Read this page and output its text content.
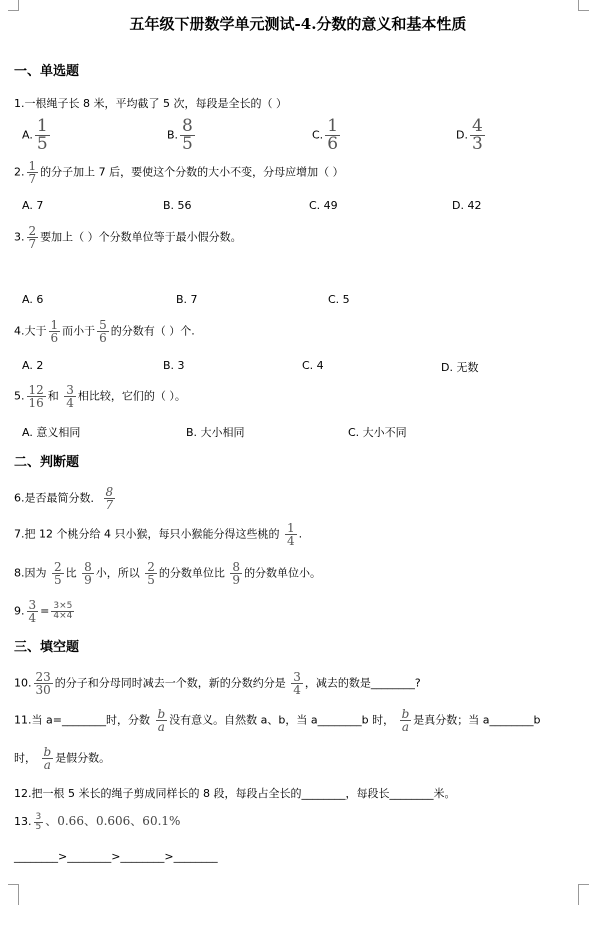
五年级下册数学单元测试-4.分数的意义和基本性质
一、单选题
1.一根绳子长 8 米，平均截了 5 次，每段是全长的（ ）
A. $\frac{1}{5}$	B. $\frac{8}{5}$	C. $\frac{1}{6}$	D. $\frac{4}{3}$
2. $\frac{1}{7}$ 的分子加上 7 后，要使这个分数的大小不变，分母应增加（ ）
A. 7	B. 56	C. 49	D. 42
3. $\frac{2}{7}$ 要加上（ ）个分数单位等于最小假分数。
A. 6	B. 7	C. 5
4.大于 $\frac{1}{6}$ 而小于 $\frac{5}{6}$ 的分数有（ ）个.
A. 2	B. 3	C. 4	D. 无数
5. $\frac{12}{16}$ 和 $\frac{3}{4}$ 相比较，它们的（ ）。
A. 意义相同	B. 大小相同	C. 大小不同
二、判断题
6.是否最简分数． $\frac{8}{7}$
7.把 12 个桃分给 4 只小猴，每只小猴能分得这些桃的 $\frac{1}{4}$ .
8.因为 $\frac{2}{5}$ 比 $\frac{8}{9}$ 小，所以 $\frac{2}{5}$ 的分数单位比 $\frac{8}{9}$ 的分数单位小。
9. $\frac{3}{4} = \frac{3\times 5}{4\times 4}$
三、填空题
10. $\frac{23}{30}$ 的分子和分母同时减去一个数，新的分数约分是 $\frac{3}{4}$ ，减去的数是________?
11.当 a=________时，分数 $\frac{b}{a}$ 没有意义。自然数 a、b，当 a________b 时， $\frac{b}{a}$ 是真分数；当 a________b
时， $\frac{b}{a}$ 是假分数。
12.把一根 5 米长的绳子剪成同样长的 8 段，每段占全长的________，每段长________米。
13. $\frac{3}{5}$ 、0.66、0.606、60.1%
________>________>________>________
